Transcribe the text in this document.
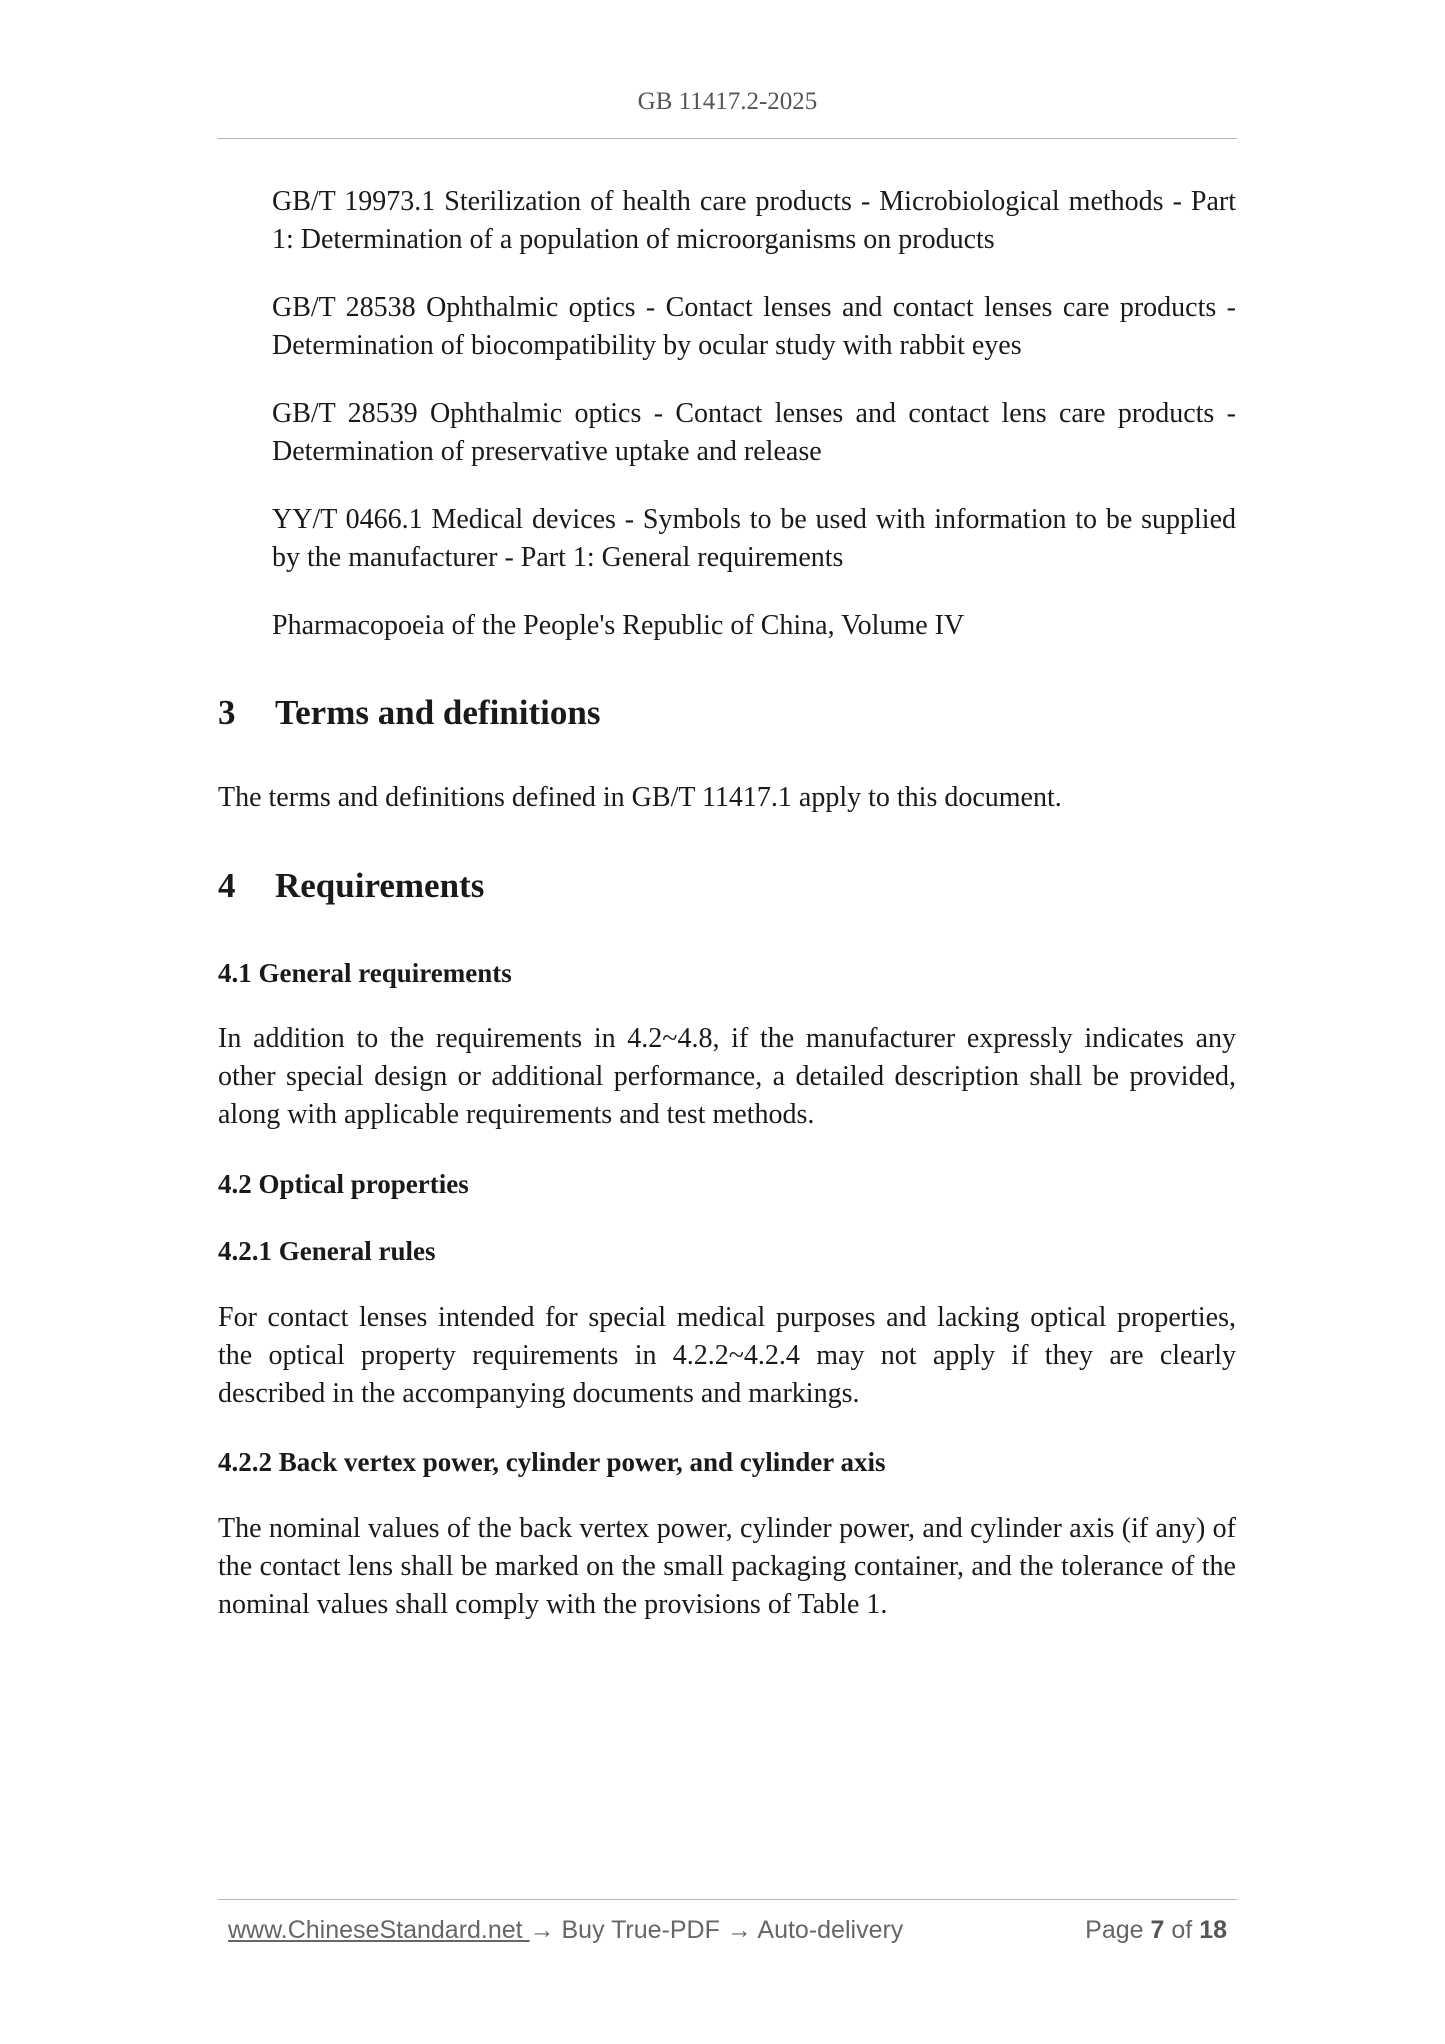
GB 11417.2-2025
GB/T 19973.1 Sterilization of health care products - Microbiological methods - Part 1: Determination of a population of microorganisms on products
GB/T 28538 Ophthalmic optics - Contact lenses and contact lenses care products - Determination of biocompatibility by ocular study with rabbit eyes
GB/T 28539 Ophthalmic optics - Contact lenses and contact lens care products - Determination of preservative uptake and release
YY/T 0466.1 Medical devices - Symbols to be used with information to be supplied by the manufacturer - Part 1: General requirements
Pharmacopoeia of the People's Republic of China, Volume IV
3	Terms and definitions
The terms and definitions defined in GB/T 11417.1 apply to this document.
4	Requirements
4.1 General requirements
In addition to the requirements in 4.2~4.8, if the manufacturer expressly indicates any other special design or additional performance, a detailed description shall be provided, along with applicable requirements and test methods.
4.2 Optical properties
4.2.1 General rules
For contact lenses intended for special medical purposes and lacking optical properties, the optical property requirements in 4.2.2~4.2.4 may not apply if they are clearly described in the accompanying documents and markings.
4.2.2 Back vertex power, cylinder power, and cylinder axis
The nominal values of the back vertex power, cylinder power, and cylinder axis (if any) of the contact lens shall be marked on the small packaging container, and the tolerance of the nominal values shall comply with the provisions of Table 1.
www.ChineseStandard.net → Buy True-PDF → Auto-delivery	Page 7 of 18
